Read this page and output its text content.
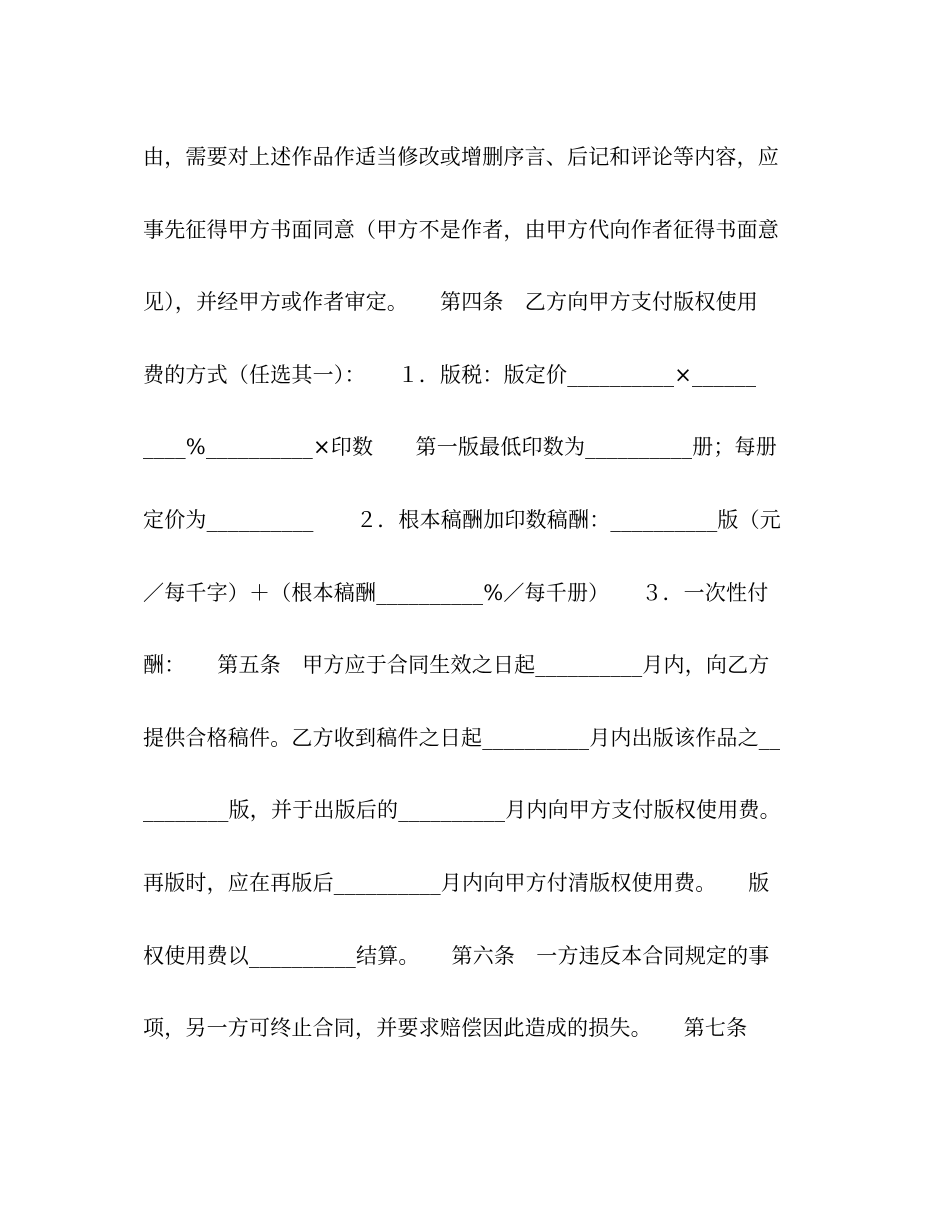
由，需要对上述作品作适当修改或增删序言、后记和评论等内容，应
事先征得甲方书面同意（甲方不是作者，由甲方代向作者征得书面意
见），并经甲方或作者审定。　　第四条　乙方向甲方支付版权使用
费的方式（任选其一）：　　１．版税：版定价__________×______
____%__________×印数　　第一版最低印数为__________册；每册
定价为__________　　２．根本稿酬加印数稿酬：__________版（元
／每千字）＋（根本稿酬__________%／每千册）　　３．一次性付
酬：　　第五条　甲方应于合同生效之日起__________月内，向乙方
提供合格稿件。乙方收到稿件之日起__________月内出版该作品之__
________版，并于出版后的__________月内向甲方支付版权使用费。
再版时，应在再版后__________月内向甲方付清版权使用费。　　版
权使用费以__________结算。　　第六条　一方违反本合同规定的事
项，另一方可终止合同，并要求赔偿因此造成的损失。　　第七条
